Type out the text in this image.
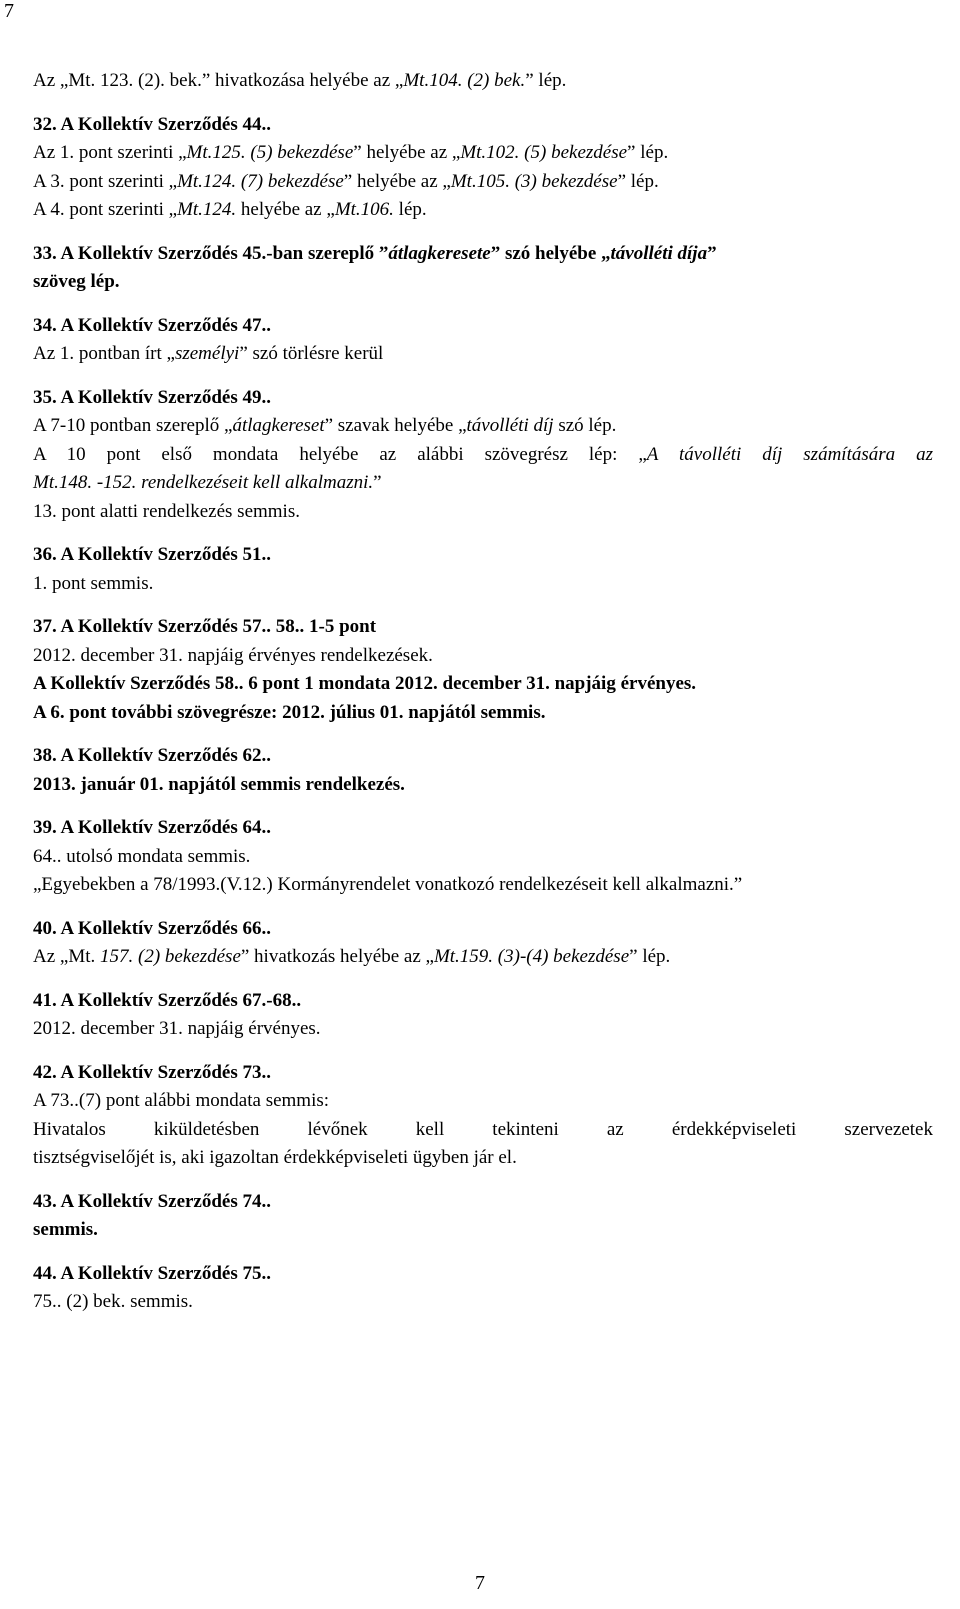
7

Az „Mt. 123. (2). bek.” hivatkozása helyébe az „Mt.104. (2) bek.” lép.

32. A Kollektív Szerződés 44..

Az 1. pont szerinti „Mt.125. (5) bekezdése” helyébe az „Mt.102. (5) bekezdése” lép.

A 3. pont szerinti „Mt.124. (7) bekezdése” helyébe az „Mt.105. (3) bekezdése” lép.

A 4. pont szerinti „Mt.124. helyébe az „Mt.106. lép.

33. A Kollektív Szerződés 45.-ban szereplő ”átlagkeresete” szó helyébe „távolléti díja”

szöveg lép.

34. A Kollektív Szerződés 47..

Az 1. pontban írt „személyi” szó törlésre kerül

35. A Kollektív Szerződés 49..

A 7-10 pontban szereplő „átlagkereset” szavak helyébe „távolléti díj szó lép.

A 10 pont első mondata helyébe az alábbi szövegrész lép: „A távolléti díj számítására az

Mt.148. -152. rendelkezéseit kell alkalmazni.”

13. pont alatti rendelkezés semmis.

36. A Kollektív Szerződés 51..

1. pont semmis.

37. A Kollektív Szerződés 57.. 58.. 1-5 pont

2012. december 31. napjáig érvényes rendelkezések.

A Kollektív Szerződés 58.. 6 pont 1 mondata 2012. december 31. napjáig érvényes.

A 6. pont további szövegrésze: 2012. július 01. napjától semmis.

38. A Kollektív Szerződés 62..

2013. január 01. napjától semmis rendelkezés.

39. A Kollektív Szerződés 64..

64.. utolsó mondata semmis.

„Egyebekben a 78/1993.(V.12.) Kormányrendelet vonatkozó rendelkezéseit kell alkalmazni.”

40. A Kollektív Szerződés 66..

Az „Mt. 157. (2) bekezdése” hivatkozás helyébe az „Mt.159. (3)-(4) bekezdése” lép.

41. A Kollektív Szerződés 67.-68..

2012. december 31. napjáig érvényes.

42. A Kollektív Szerződés 73..

A 73..(7) pont alábbi mondata semmis:

Hivatalos kiküldetésben lévőnek kell tekinteni az érdekképviseleti szervezetek

tisztségviselőjét is, aki igazoltan érdekképviseleti ügyben jár el.

43. A Kollektív Szerződés 74..

semmis.

44. A Kollektív Szerződés 75..

75.. (2) bek. semmis.

7
